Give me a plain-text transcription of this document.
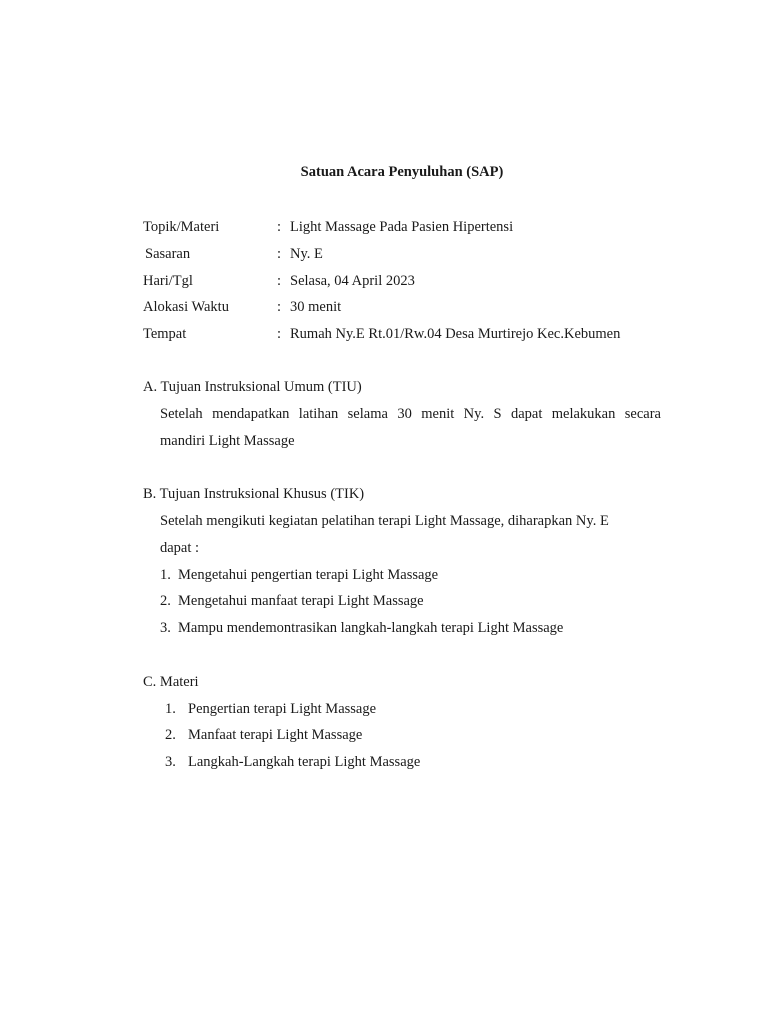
Satuan Acara Penyuluhan (SAP)
Topik/Materi	: Light Massage Pada Pasien Hipertensi
Sasaran	: Ny. E
Hari/Tgl	: Selasa, 04 April 2023
Alokasi Waktu	: 30 menit
Tempat	: Rumah Ny.E Rt.01/Rw.04 Desa Murtirejo Kec.Kebumen
A. Tujuan Instruksional Umum (TIU)
Setelah mendapatkan latihan selama 30 menit Ny. S dapat melakukan secara
mandiri Light Massage
B. Tujuan Instruksional Khusus (TIK)
Setelah mengikuti kegiatan pelatihan terapi Light Massage, diharapkan Ny. E
dapat :
1. Mengetahui pengertian terapi Light Massage
2. Mengetahui manfaat terapi Light Massage
3. Mampu mendemontrasikan langkah-langkah terapi Light Massage
C. Materi
1. Pengertian terapi Light Massage
2. Manfaat terapi Light Massage
3. Langkah-Langkah terapi Light Massage
